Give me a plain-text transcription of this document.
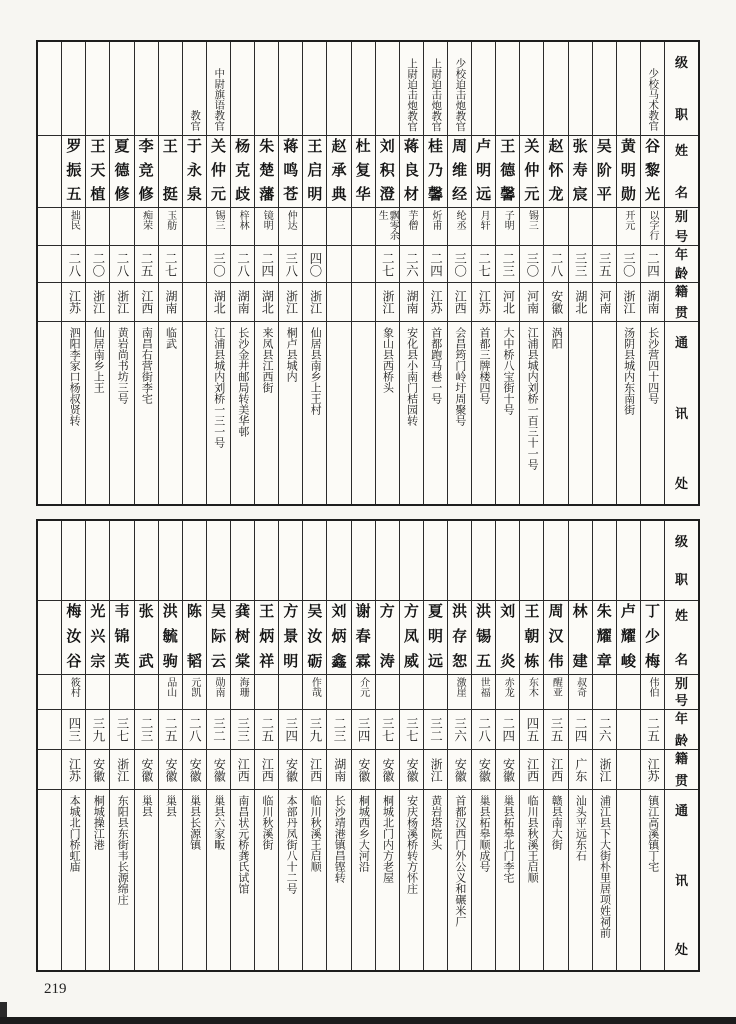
级
职
姓
名
别
号
年
龄
籍
贯
通
讯
处
少校马术教官
谷
黎
光
以字行
二四
湖南
长沙营四十四号
黄
明
勋
开元
三〇
浙江
汤阴县城内东南街
吴
阶
平
三五
河南
张
寿
宸
三三
湖北
赵
怀
龙
二八
安徽
涡阳
关
仲
元
锡三
三〇
河南
江浦县城内刘桥一百三十一号
王
德
馨
子明
二三
河北
大中桥八宝街十号
卢
明
远
月轩
二七
江苏
首都三牌楼四号
少校迫击炮教官
周
维
经
纶丞
三〇
江西
会昌筠门岭圩周聚号
上尉迫击炮教官
桂
乃
馨
炘甫
二四
江苏
首都跑马巷一号
上尉迫击炮教官
蒋
良
材
芋僧
二六
湖南
安化县小南门桔园转
刘
积
澄
飘零余生
二七
浙江
象山县西桥头
杜
复
华
赵
承
典
王
启
明
四〇
浙江
仙居县南乡上王村
蒋
鸣
苍
仲达
三八
浙江
桐卢县城内
朱
楚
藩
镜明
二四
湖北
来凤县江西街
杨
克
歧
梓林
二八
湖南
长沙金井邮局转美华邨
中尉旗语教官
关
仲
元
锡三
三〇
湖北
江浦县城内刘桥一三一号
教官
于
永
泉
王
挺
玉舫
二七
湖南
临武
李
竞
修
痴荣
二五
江西
南昌右营街李宅
夏
德
修
二八
浙江
黄岩尚书坊三号
王
天
植
二〇
浙江
仙居南乡上王
罗
振
五
拙民
二八
江苏
泗阳李家口杨叔贤转
级
职
姓
名
别
号
年
龄
籍
贯
通
讯
处
丁
少
梅
伟伯
二五
江苏
镇江高溪镇丁宅
卢
耀
峻
朱
耀
章
二六
浙江
浦江县下大街朴里居项姓祠前
林
建
叔奇
二四
广东
汕头平远东石
周
汉
伟
醒亚
三五
江西
赣县南大街
王
朝
栋
东木
四五
江西
临川县秋溪王启顺
刘
炎
赤龙
二四
安徽
巢县柘皋北门李宅
洪
锡
五
世福
二八
安徽
巢县柘皋顺成号
洪
存
恕
激崖
三六
安徽
首都汉西门外公义和碾米厂
夏
明
远
三二
浙江
黄岩塔院头
方
凤
威
三七
安徽
安庆杨溪桥转方怀庄
方
涛
三七
安徽
桐城北门内方老屋
谢
春
霖
介元
三四
安徽
桐城西乡大河沿
刘
炳
鑫
二三
湖南
长沙靖港镇昌铿转
吴
汝
砺
作哉
三九
江西
临川秋溪王启顺
方
景
明
三四
安徽
本部丹凤街八十二号
王
炳
祥
二五
江西
临川秋溪街
龚
树
棠
海珊
三三
江西
南昌状元桥龚氏试馆
吴
际
云
勋南
三二
安徽
巢县六家畈
陈
韬
元凯
二八
安徽
巢县长源镇
洪
毓
驹
品山
二五
安徽
巢县
张
武
二三
安徽
巢县
韦
锦
英
三七
浙江
东阳县东街韦长源绵庄
光
兴
宗
三九
安徽
桐城操江港
梅
汝
谷
筱村
四三
江苏
本城北门桥虹庙
219
